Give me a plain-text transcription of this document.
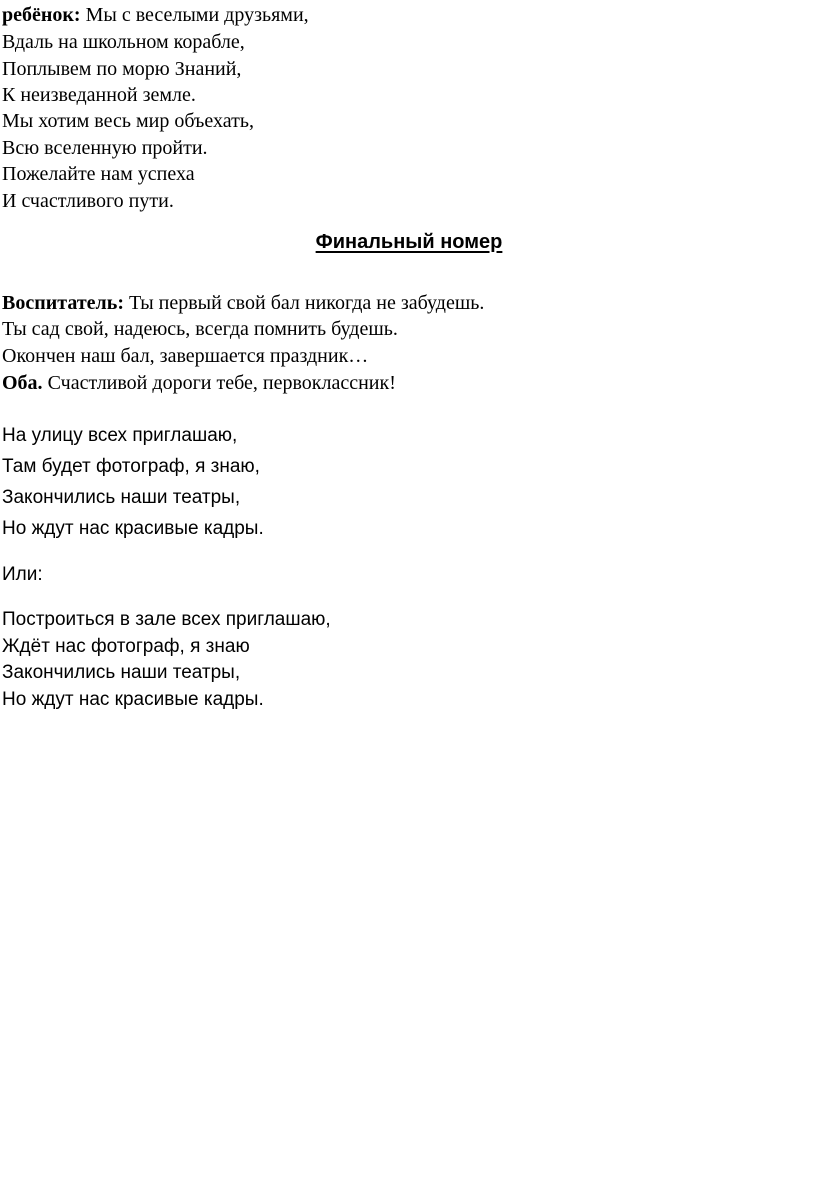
ребёнок: Мы с веселыми друзьями,
Вдаль на школьном корабле,
Поплывем по морю Знаний,
К неизведанной земле.
Мы хотим весь мир объехать,
Всю вселенную пройти.
Пожелайте нам успеха
И счастливого пути.
Финальный номер
Воспитатель: Ты первый свой бал никогда не забудешь.
Ты сад свой, надеюсь, всегда помнить будешь.
Окончен наш бал, завершается праздник…
Оба. Счастливой дороги тебе, первоклассник!
На улицу всех приглашаю,
Там будет фотограф, я знаю,
Закончились наши театры,
Но ждут нас красивые кадры.
Или:
Построиться в зале всех приглашаю,
Ждёт нас фотограф, я знаю
Закончились наши театры,
Но ждут нас красивые кадры.
